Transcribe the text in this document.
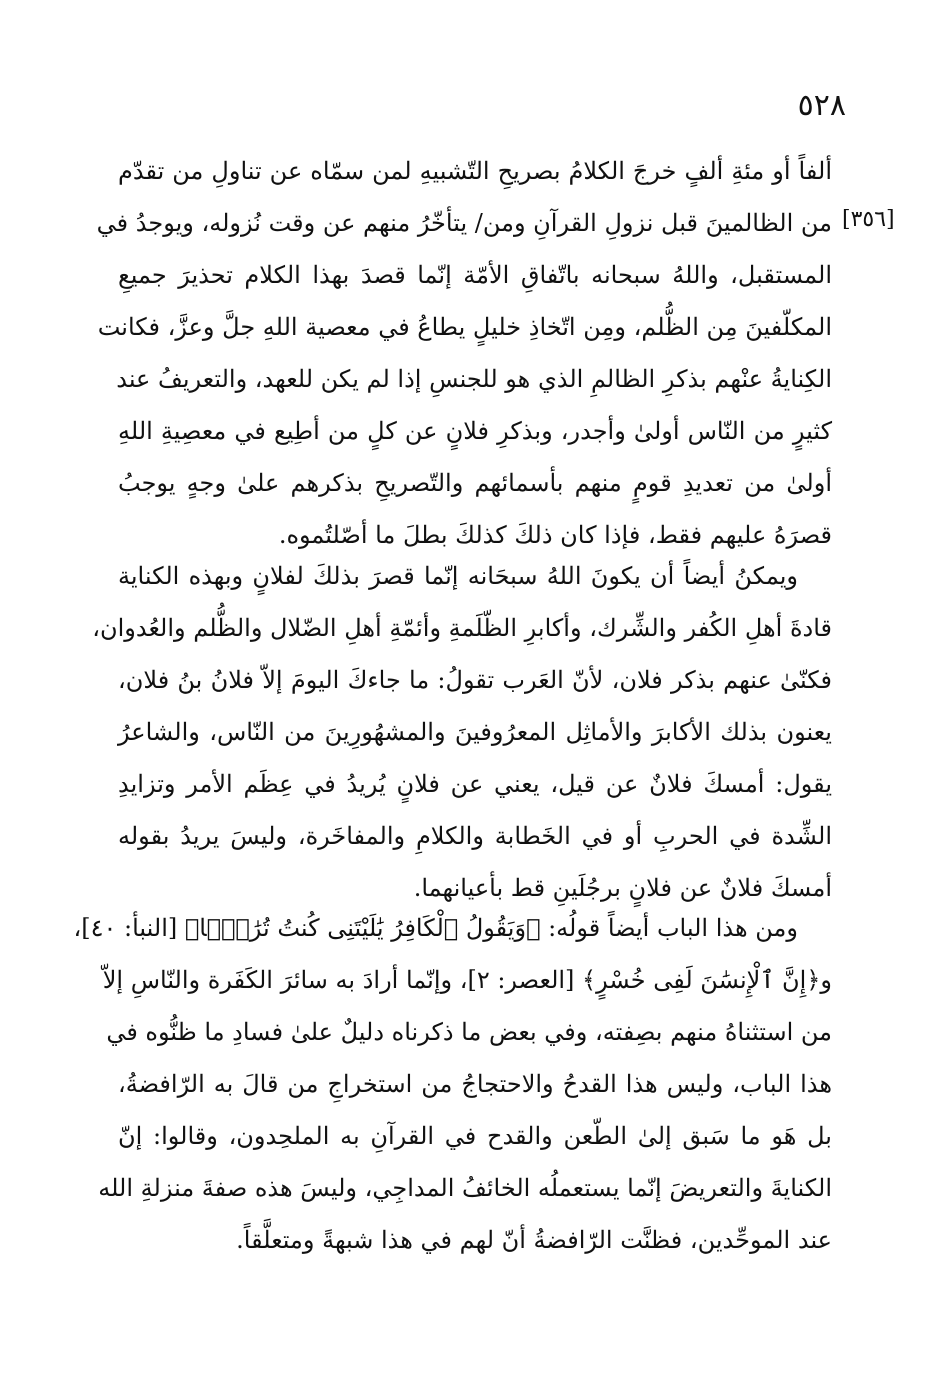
٥٢٨
[٣٥٦]
ألفاً أو مئةِ ألفٍ خرجَ الكلامُ بصريحِ التّشبيهِ لمن سمّاه عن تناولِ من تقدّم
من الظالمينَ قبل نزولِ القرآنِ ومن/ يتأخّرُ منهم عن وقت نُزوله، ويوجدُ في
المستقبل، واللهُ سبحانه باتّفاقِ الأمّة إنّما قصدَ بهذا الكلام تحذيرَ جميعِ
المكلّفينَ مِن الظُّلم، ومِن اتّخاذِ خليلٍ يطاعُ في معصية اللهِ جلَّ وعزَّ، فكانت
الكِنايةُ عنْهم بذكرِ الظالمِ الذي هو للجنسِ إذا لم يكن للعهد، والتعريفُ عند
كثيرٍ من النّاس أولىٰ وأجدر، وبذكرِ فلانٍ عن كلٍ من أطِيع في معصِيةِ اللهِ
أولىٰ من تعديدِ قومٍ منهم بأسمائهم والتّصريحِ بذكرهم علىٰ وجهٍ يوجبُ
قصرَهُ عليهم فقط، فإذا كان ذلكَ كذلكَ بطلَ ما أصّلتُموه.
ويمكنُ أيضاً أن يكونَ اللهُ سبحَانه إنّما قصرَ بذلكَ لفلانٍ وبهذه الكناية
قادةَ أهلِ الكُفر والشِّرك، وأكابرِ الظّلَمةِ وأئمّةِ أهلِ الضّلال والظُّلم والعُدوان،
فكنّىٰ عنهم بذكر فلان، لأنّ العَرب تقولُ: ما جاءكَ اليومَ إلاّ فلانُ بنُ فلان،
يعنون بذلك الأكابرَ والأماثِل المعرُوفينَ والمشهُورِينَ من النّاس، والشاعرُ
يقول: أمسكَ فلانٌ عن قيل، يعني عن فلانٍ يُريدُ في عِظَم الأمر وتزايدِ
الشِّدة في الحربِ أو في الخَطابة والكلامِ والمفاخَرة، وليسَ يريدُ بقوله
أمسكَ فلانٌ عن فلانٍ برجُلَينِ قط بأعيانهما.
ومن هذا الباب أيضاً قولُه: ﴿وَيَقُولُ ٱلْكَافِرُ يَٰلَيْتَنِى كُنتُ تُرَٰبًۢا﴾ [النبأ: ٤٠]،
و﴿إِنَّ ٱلْإِنسَٰنَ لَفِى خُسْرٍ﴾ [العصر: ٢]، وإنّما أرادَ به سائرَ الكَفَرة والنّاسِ إلاّ
من استثناهُ منهم بصِفته، وفي بعض ما ذكرناه دليلٌ علىٰ فسادِ ما ظنُّوه في
هذا الباب، وليس هذا القدحُ والاحتجاجُ من استخراجِ من قالَ به الرّافضةُ،
بل هَو ما سَبق إلىٰ الطّعن والقدح في القرآنِ به الملحِدون، وقالوا: إنّ
الكنايةَ والتعريضَ إنّما يستعملُه الخائفُ المداجِي، وليسَ هذه صفةَ منزلةِ الله
عند الموحِّدين، فظنَّت الرّافضةُ أنّ لهم في هذا شبهةً ومتعلَّقاً.
